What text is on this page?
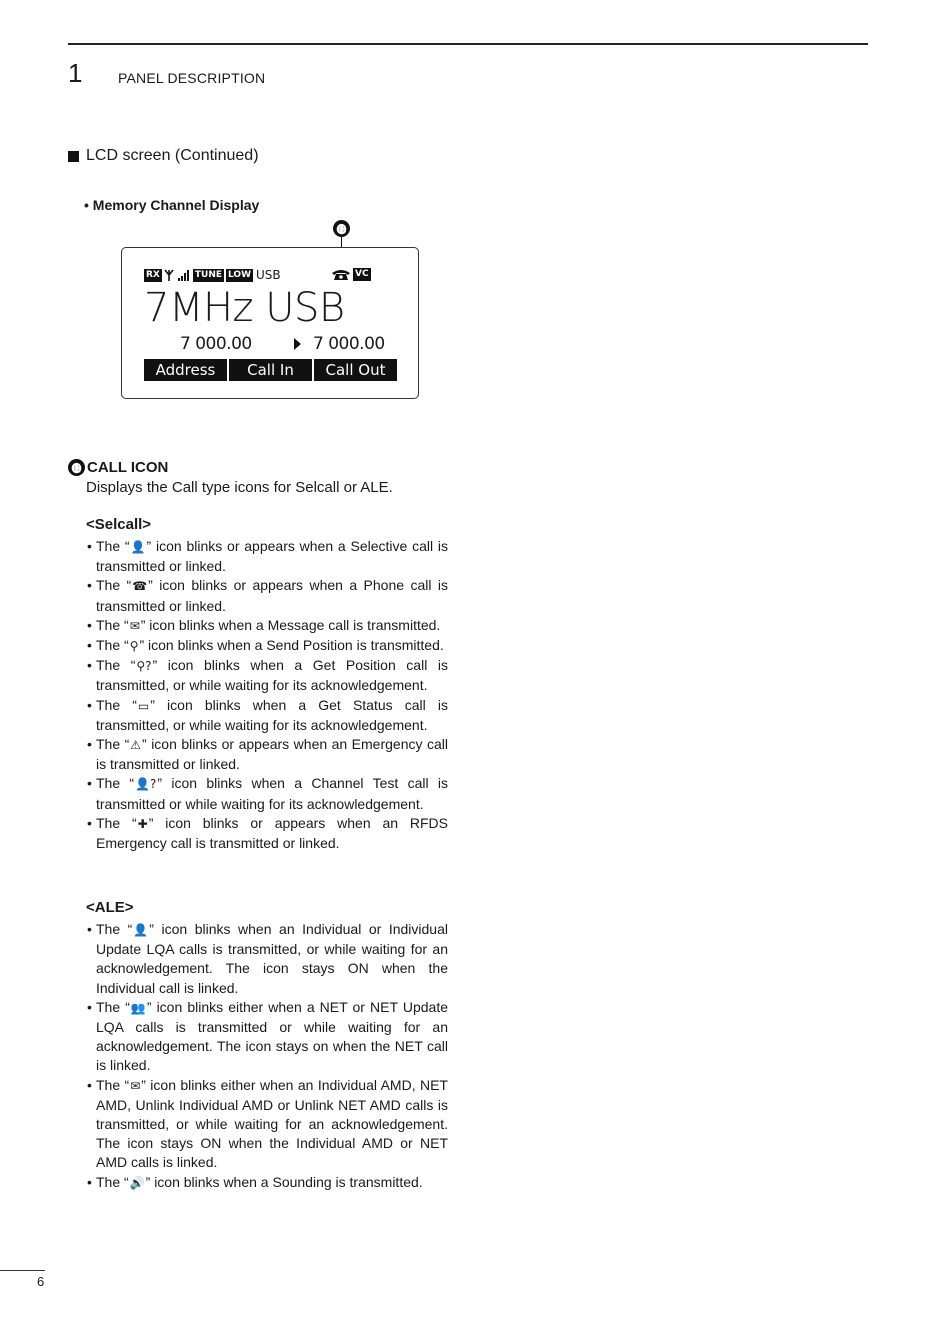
1	PANEL DESCRIPTION
LCD screen (Continued)
• Memory Channel Display
⓭
RX	TUNE LOW USB	VC
7MHz USB
7 000.00	7 000.00
Address	Call In	Call Out
⓭ CALL ICON
Displays the Call type icons for Selcall or ALE.
<Selcall>
• The “👤” icon blinks or appears when a Selective call is transmitted or linked.
• The “☎” icon blinks or appears when a Phone call is transmitted or linked.
• The “✉” icon blinks when a Message call is transmitted.
• The “⚲” icon blinks when a Send Position is transmitted.
• The “⚲?” icon blinks when a Get Position call is transmitted, or while waiting for its acknowledgement.
• The “▭” icon blinks when a Get Status call is transmitted, or while waiting for its acknowledgement.
• The “⚠” icon blinks or appears when an Emergency call is transmitted or linked.
• The “👤?” icon blinks when a Channel Test call is transmitted or while waiting for its acknowledgement.
• The “✚” icon blinks or appears when an RFDS Emergency call is transmitted or linked.
<ALE>
• The “👤” icon blinks when an Individual or Individual Update LQA calls is transmitted, or while waiting for an acknowledgement. The icon stays ON when the Individual call is linked.
• The “👥” icon blinks either when a NET or NET Update LQA calls is transmitted or while waiting for an acknowledgement. The icon stays on when the NET call is linked.
• The “✉” icon blinks either when an Individual AMD, NET AMD, Unlink Individual AMD or Unlink NET AMD calls is transmitted, or while waiting for an acknowledgement. The icon stays ON when the Individual AMD or NET AMD calls is linked.
• The “🔊” icon blinks when a Sounding is transmitted.
6
